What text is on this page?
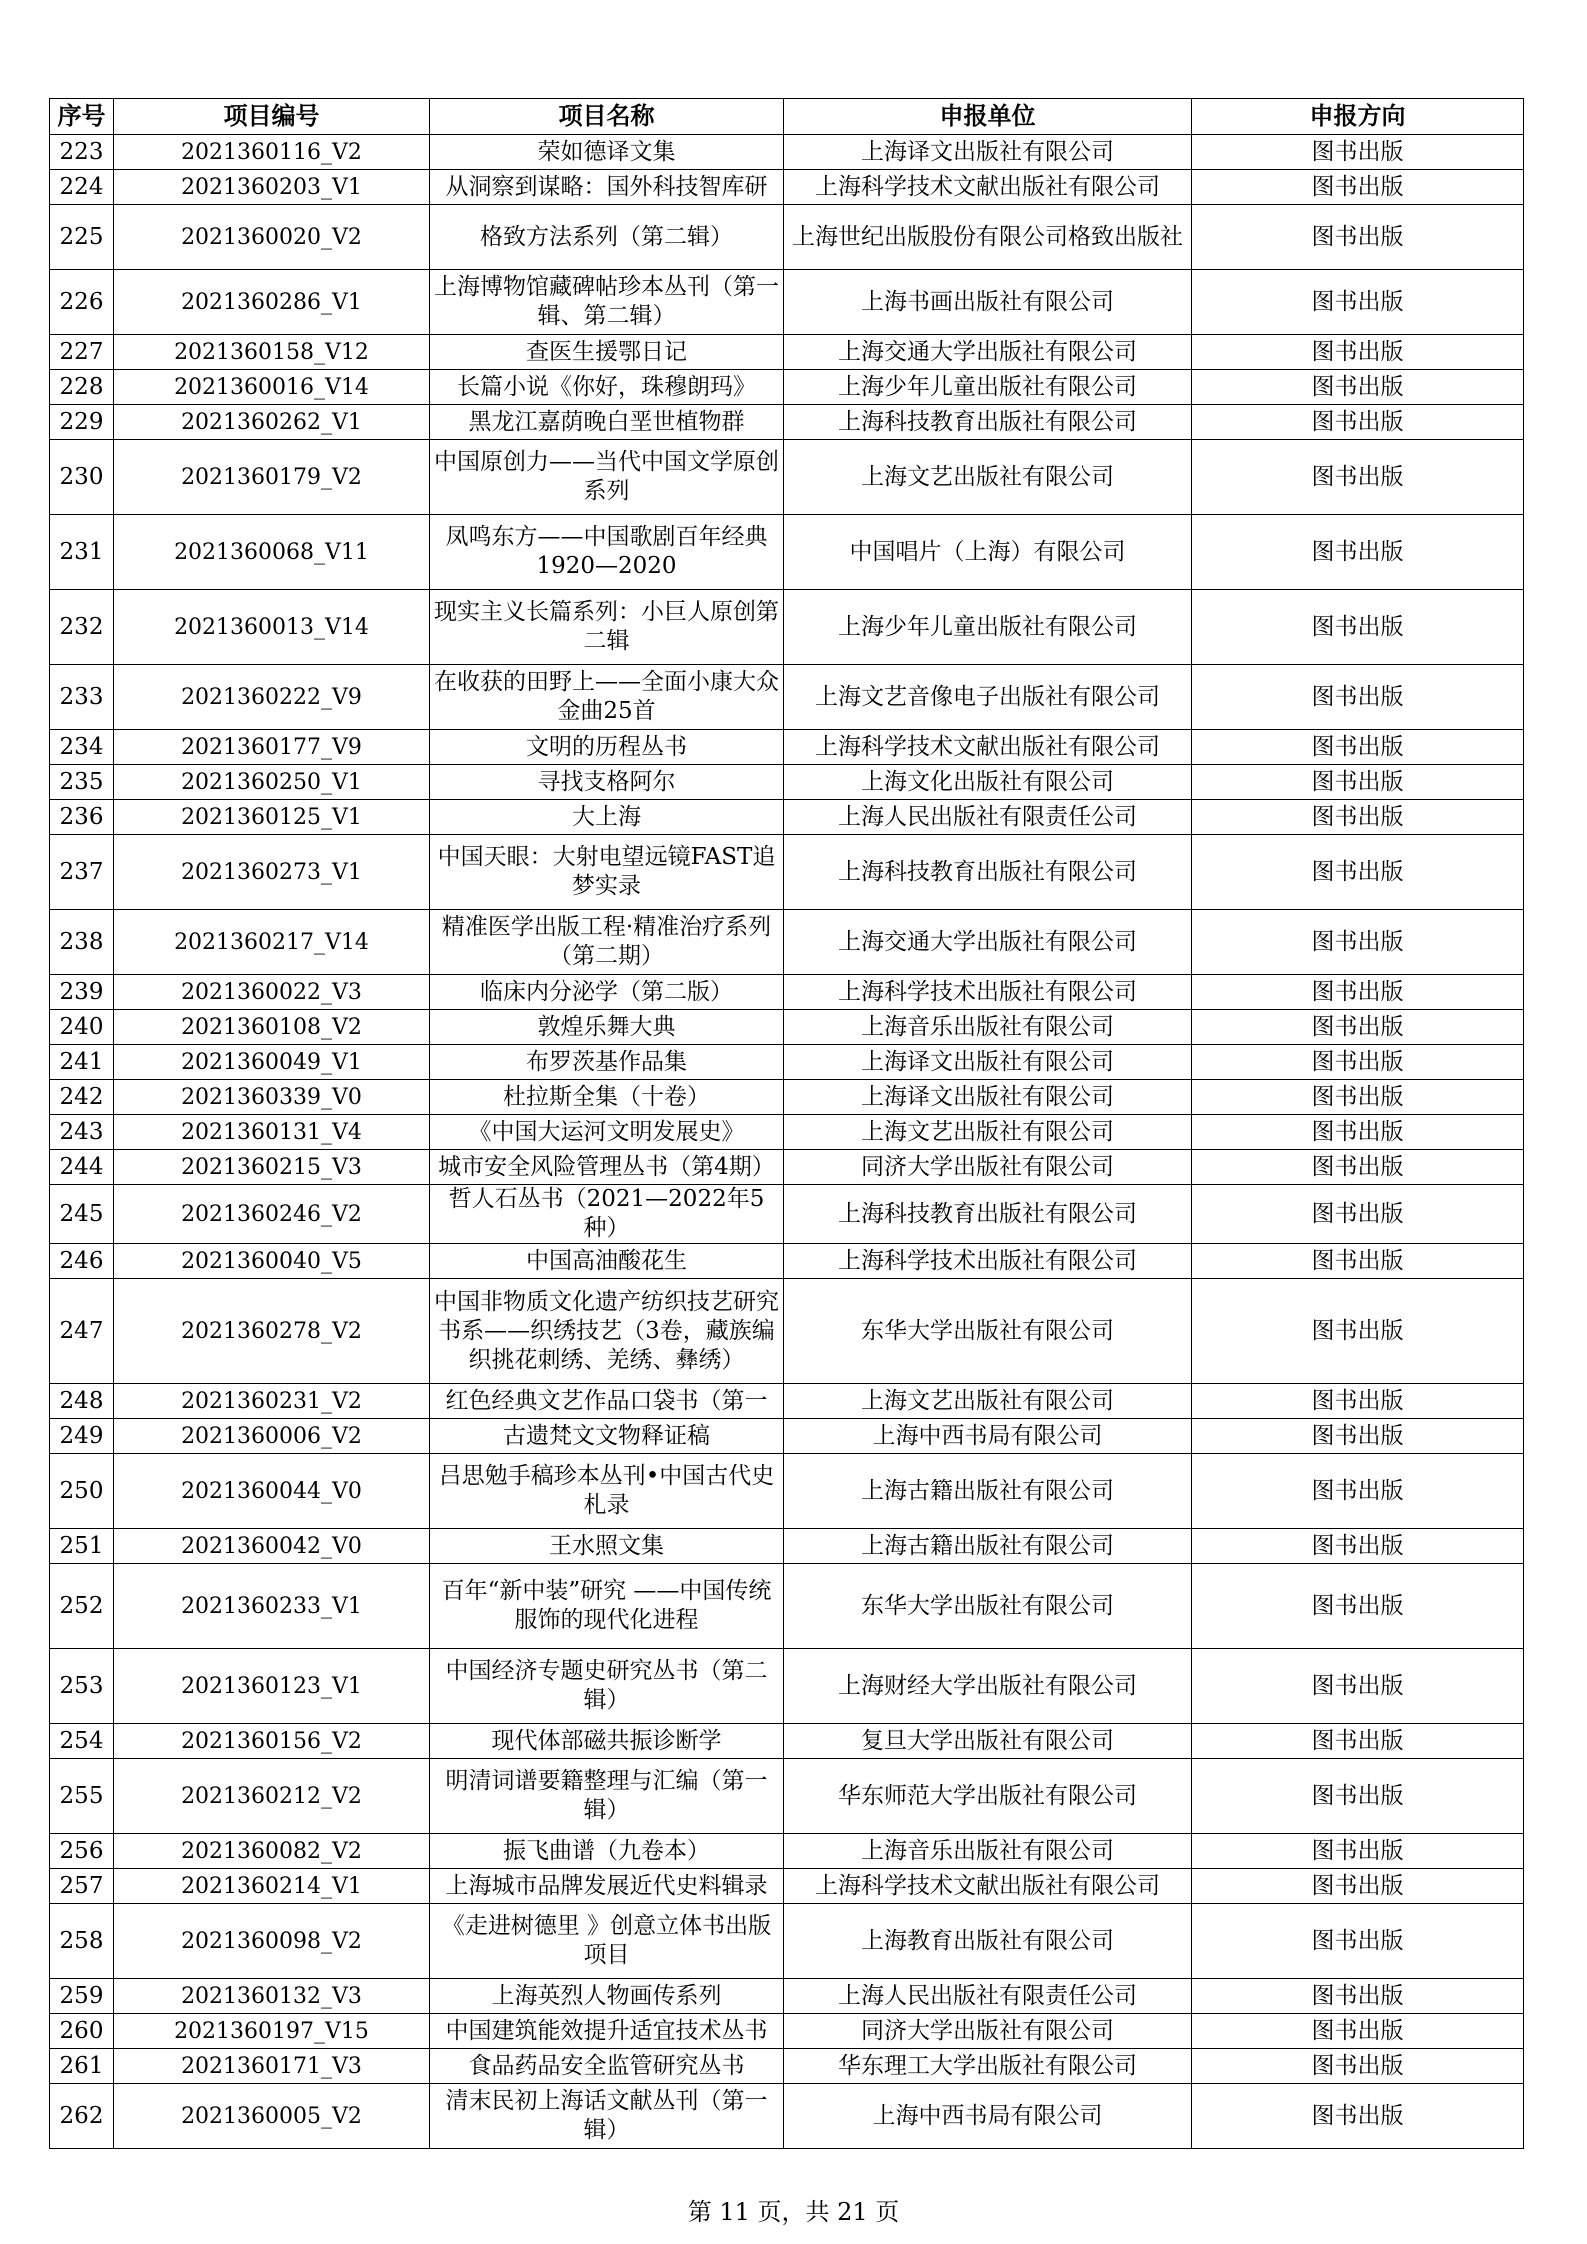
序号	项目编号	项目名称	申报单位	申报方向
223	2021360116_V2	荣如德译文集	上海译文出版社有限公司	图书出版
224	2021360203_V1	从洞察到谋略：国外科技智库研	上海科学技术文献出版社有限公司	图书出版
225	2021360020_V2	格致方法系列（第二辑）	上海世纪出版股份有限公司格致出版社	图书出版
226	2021360286_V1	上海博物馆藏碑帖珍本丛刊（第一辑、第二辑）	上海书画出版社有限公司	图书出版
227	2021360158_V12	查医生援鄂日记	上海交通大学出版社有限公司	图书出版
228	2021360016_V14	长篇小说《你好，珠穆朗玛》	上海少年儿童出版社有限公司	图书出版
229	2021360262_V1	黑龙江嘉荫晚白垩世植物群	上海科技教育出版社有限公司	图书出版
230	2021360179_V2	中国原创力——当代中国文学原创系列	上海文艺出版社有限公司	图书出版
231	2021360068_V11	凤鸣东方——中国歌剧百年经典1920—2020	中国唱片（上海）有限公司	图书出版
232	2021360013_V14	现实主义长篇系列：小巨人原创第二辑	上海少年儿童出版社有限公司	图书出版
233	2021360222_V9	在收获的田野上——全面小康大众金曲25首	上海文艺音像电子出版社有限公司	图书出版
234	2021360177_V9	文明的历程丛书	上海科学技术文献出版社有限公司	图书出版
235	2021360250_V1	寻找支格阿尔	上海文化出版社有限公司	图书出版
236	2021360125_V1	大上海	上海人民出版社有限责任公司	图书出版
237	2021360273_V1	中国天眼：大射电望远镜FAST追梦实录	上海科技教育出版社有限公司	图书出版
238	2021360217_V14	精准医学出版工程·精准治疗系列（第二期）	上海交通大学出版社有限公司	图书出版
239	2021360022_V3	临床内分泌学（第二版）	上海科学技术出版社有限公司	图书出版
240	2021360108_V2	敦煌乐舞大典	上海音乐出版社有限公司	图书出版
241	2021360049_V1	布罗茨基作品集	上海译文出版社有限公司	图书出版
242	2021360339_V0	杜拉斯全集（十卷）	上海译文出版社有限公司	图书出版
243	2021360131_V4	《中国大运河文明发展史》	上海文艺出版社有限公司	图书出版
244	2021360215_V3	城市安全风险管理丛书（第4期）	同济大学出版社有限公司	图书出版
245	2021360246_V2	哲人石丛书（2021—2022年5种）	上海科技教育出版社有限公司	图书出版
246	2021360040_V5	中国高油酸花生	上海科学技术出版社有限公司	图书出版
247	2021360278_V2	中国非物质文化遗产纺织技艺研究书系——织绣技艺（3卷，藏族编织挑花刺绣、羌绣、彝绣）	东华大学出版社有限公司	图书出版
248	2021360231_V2	红色经典文艺作品口袋书（第一	上海文艺出版社有限公司	图书出版
249	2021360006_V2	古遗梵文文物释证稿	上海中西书局有限公司	图书出版
250	2021360044_V0	吕思勉手稿珍本丛刊•中国古代史札录	上海古籍出版社有限公司	图书出版
251	2021360042_V0	王水照文集	上海古籍出版社有限公司	图书出版
252	2021360233_V1	百年“新中装”研究 ——中国传统服饰的现代化进程	东华大学出版社有限公司	图书出版
253	2021360123_V1	中国经济专题史研究丛书（第二辑）	上海财经大学出版社有限公司	图书出版
254	2021360156_V2	现代体部磁共振诊断学	复旦大学出版社有限公司	图书出版
255	2021360212_V2	明清词谱要籍整理与汇编（第一辑）	华东师范大学出版社有限公司	图书出版
256	2021360082_V2	振飞曲谱（九卷本）	上海音乐出版社有限公司	图书出版
257	2021360214_V1	上海城市品牌发展近代史料辑录	上海科学技术文献出版社有限公司	图书出版
258	2021360098_V2	《走进树德里 》创意立体书出版项目	上海教育出版社有限公司	图书出版
259	2021360132_V3	上海英烈人物画传系列	上海人民出版社有限责任公司	图书出版
260	2021360197_V15	中国建筑能效提升适宜技术丛书	同济大学出版社有限公司	图书出版
261	2021360171_V3	食品药品安全监管研究丛书	华东理工大学出版社有限公司	图书出版
262	2021360005_V2	清末民初上海话文献丛刊（第一辑）	上海中西书局有限公司	图书出版
第 11 页，共 21 页
